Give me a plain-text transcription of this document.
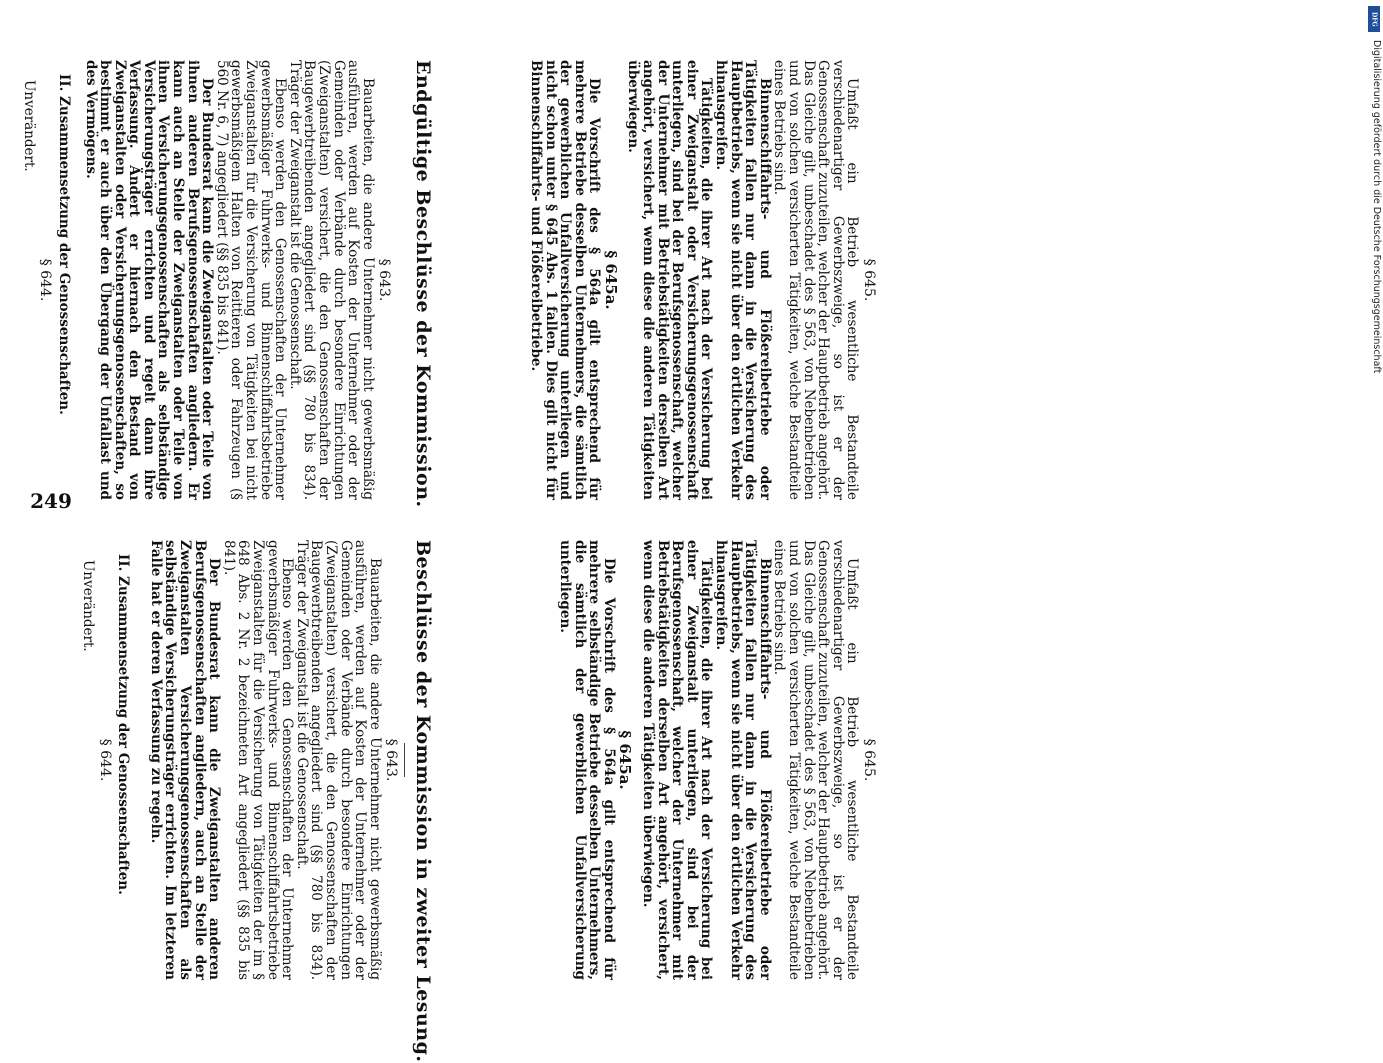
DFG
Digitalisierung gefördert durch die Deutsche Forschungsgemeinschaft
249
Beschlüsse der Kommission in zweiter Lesung.
§ 643.

Bauarbeiten, die andere Unternehmer nicht gewerbsmäßig ausführen, werden auf Kosten der Unternehmer oder der Gemeinden oder Verbände durch besondere Einrichtungen (Zweiganstalten) versichert, die den Genossenschaften der Baugewerbtreibenden angegliedert sind (§§ 780 bis 834). Träger der Zweiganstalt ist die Genossenschaft.

Ebenso werden den Genossenschaften der Unternehmer gewerbsmäßiger Fuhrwerks- und Binnenschiffahrtsbetriebe Zweiganstalten für die Versicherung von Tätigkeiten der im § 648 Abs. 2 Nr. 2 bezeichneten Art angegliedert (§§ 835 bis 841).

Der Bundesrat kann die Zweiganstalten anderen Berufsgenossenschaften angliedern, auch an Stelle der Zweiganstalten Versicherungsgenossenschaften als selbständige Versicherungsträger errichten. Im letzteren Falle hat er deren Verfassung zu regeln.

II. Zusammensetzung der Genossenschaften.
§ 644.
Unverändert.
§ 645.

Umfaßt ein Betrieb wesentliche Bestandteile verschiedenartiger Gewerbszweige, so ist er der Genossenschaft zuzuteilen, welcher der Hauptbetrieb angehört. Das Gleiche gilt, unbeschadet des § 563, von Nebenbetrieben und von solchen versicherten Tätigkeiten, welche Bestandteile eines Betriebs sind.

Binnenschiffahrts- und Flößereibetriebe oder Tätigkeiten fallen nur dann in die Versicherung des Hauptbetriebs, wenn sie nicht über den örtlichen Verkehr hinausgreifen.

Tätigkeiten, die ihrer Art nach der Versicherung bei einer Zweiganstalt unterliegen, sind bei der Berufsgenossenschaft, welcher der Unternehmer mit Betriebstätigkeiten derselben Art angehört, versichert, wenn diese die anderen Tätigkeiten überwiegen.

§ 645a.

Die Vorschrift des § 564a gilt entsprechend für mehrere selbständige Betriebe desselben Unternehmers, die sämtlich der gewerblichen Unfallversicherung unterliegen.

Endgültige Beschlüsse der Kommission.
§ 643.

Bauarbeiten, die andere Unternehmer nicht gewerbsmäßig ausführen, werden auf Kosten der Unternehmer oder der Gemeinden oder Verbände durch besondere Einrichtungen (Zweiganstalten) versichert, die den Genossenschaften der Baugewerbtreibenden angegliedert sind (§§ 780 bis 834). Träger der Zweiganstalt ist die Genossenschaft.

Ebenso werden den Genossenschaften der Unternehmer gewerbsmäßiger Fuhrwerks- und Binnenschiffahrtsbetriebe Zweiganstalten für die Versicherung von Tätigkeiten bei nicht gewerbsmäßigem Halten von Reittieren oder Fahrzeugen (§ 560 Nr. 6, 7) angegliedert (§§ 835 bis 841).

Der Bundesrat kann die Zweiganstalten oder Teile von ihnen anderen Berufsgenossenschaften angliedern. Er kann auch an Stelle der Zweiganstalten oder Teile von ihnen Versicherungsgenossenschaften als selbständige Versicherungsträger errichten und regelt dann ihre Verfassung. Ändert er hiernach den Bestand von Zweiganstalten oder Versicherungsgenossenschaften, so bestimmt er auch über den Übergang der Unfallast und des Vermögens.

II. Zusammensetzung der Genossenschaften.
§ 644.
Unverändert.
§ 645.

Umfaßt ein Betrieb wesentliche Bestandteile verschiedenartiger Gewerbszweige, so ist er der Genossenschaft zuzuteilen, welcher der Hauptbetrieb angehört. Das Gleiche gilt, unbeschadet des § 563, von Nebenbetrieben und von solchen versicherten Tätigkeiten, welche Bestandteile eines Betriebs sind.

Binnenschiffahrts- und Flößereibetriebe oder Tätigkeiten fallen nur dann in die Versicherung des Hauptbetriebs, wenn sie nicht über den örtlichen Verkehr hinausgreifen.

Tätigkeiten, die ihrer Art nach der Versicherung bei einer Zweiganstalt oder Versicherungsgenossenschaft unterliegen, sind bei der Berufsgenossenschaft, welcher der Unternehmer mit Betriebstätigkeiten derselben Art angehört, versichert, wenn diese die anderen Tätigkeiten überwiegen.

§ 645a.

Die Vorschrift des § 564a gilt entsprechend für mehrere Betriebe desselben Unternehmers, die sämtlich der gewerblichen Unfallversicherung unterliegen und nicht schon unter § 645 Abs. 1 fallen. Dies gilt nicht für Binnenschiffahrts- und Flößereibetriebe.
